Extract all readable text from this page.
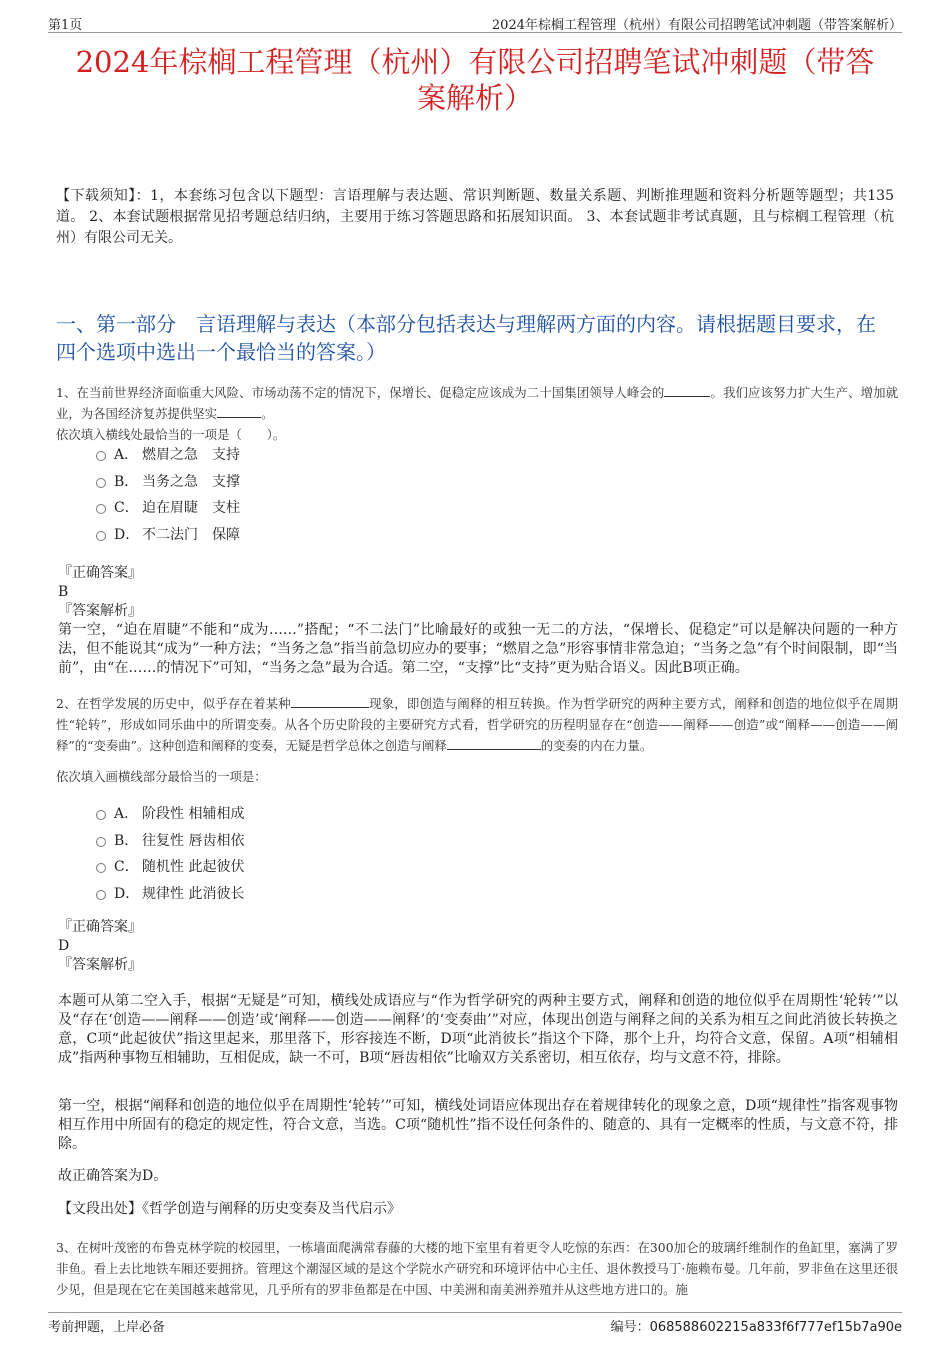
第1页	2024年棕榈工程管理（杭州）有限公司招聘笔试冲刺题（带答案解析）
2024年棕榈工程管理（杭州）有限公司招聘笔试冲刺题（带答
案解析）
【下载须知】：1，本套练习包含以下题型：言语理解与表达题、常识判断题、数量关系题、判断推理题和资料分析题等题型；共135道。 2、本套试题根据常见招考题总结归纳，主要用于练习答题思路和拓展知识面。 3、本套试题非考试真题，且与棕榈工程管理（杭州）有限公司无关。
一、第一部分　言语理解与表达（本部分包括表达与理解两方面的内容。请根据题目要求，在四个选项中选出一个最恰当的答案。）
1、在当前世界经济面临重大风险、市场动荡不定的情况下，保增长、促稳定应该成为二十国集团领导人峰会的	。我们应该努力扩大生产、增加就业，为各国经济复苏提供坚实	。
依次填入横线处最恰当的一项是（　　）。
A． 燃眉之急　支持
B． 当务之急　支撑
C． 迫在眉睫　支柱
D． 不二法门　保障
『正确答案』
B
『答案解析』
第一空，“迫在眉睫”不能和“成为……”搭配；“不二法门”比喻最好的或独一无二的方法，“保增长、促稳定”可以是解决问题的一种方法，但不能说其“成为”一种方法；“当务之急”指当前急切应办的要事；“燃眉之急”形容事情非常急迫；“当务之急”有个时间限制，即“当前”，由“在……的情况下”可知，“当务之急”最为合适。第二空，“支撑”比“支持”更为贴合语义。因此B项正确。
2、在哲学发展的历史中，似乎存在着某种	现象，即创造与阐释的相互转换。作为哲学研究的两种主要方式，阐释和创造的地位似乎在周期性“轮转”，形成如同乐曲中的所谓变奏。从各个历史阶段的主要研究方式看，哲学研究的历程明显存在“创造——阐释——创造”或“阐释——创造——阐释”的“变奏曲”。这种创造和阐释的变奏，无疑是哲学总体之创造与阐释	的变奏的内在力量。
依次填入画横线部分最恰当的一项是：
A． 阶段性 相辅相成
B． 往复性 唇齿相依
C． 随机性 此起彼伏
D． 规律性 此消彼长
『正确答案』
D
『答案解析』
本题可从第二空入手，根据“无疑是”可知，横线处成语应与“作为哲学研究的两种主要方式，阐释和创造的地位似乎在周期性‘轮转’”以及“存在‘创造——阐释——创造’或‘阐释——创造——阐释’的‘变奏曲’”对应，体现出创造与阐释之间的关系为相互之间此消彼长转换之意，C项“此起彼伏”指这里起来，那里落下，形容接连不断，D项“此消彼长”指这个下降，那个上升，均符合文意，保留。A项“相辅相成”指两种事物互相辅助，互相促成，缺一不可，B项“唇齿相依”比喻双方关系密切，相互依存，均与文意不符，排除。
第一空，根据“阐释和创造的地位似乎在周期性‘轮转’”可知，横线处词语应体现出存在着规律转化的现象之意，D项“规律性”指客观事物相互作用中所固有的稳定的规定性，符合文意，当选。C项“随机性”指不设任何条件的、随意的、具有一定概率的性质，与文意不符，排除。
故正确答案为D。
【文段出处】《哲学创造与阐释的历史变奏及当代启示》
3、在树叶茂密的布鲁克林学院的校园里，一栋墙面爬满常春藤的大楼的地下室里有着更令人吃惊的东西：在300加仑的玻璃纤维制作的鱼缸里，塞满了罗非鱼。看上去比地铁车厢还要拥挤。管理这个潮湿区域的是这个学院水产研究和环境评估中心主任、退休教授马丁·施赖布曼。几年前，罗非鱼在这里还很少见，但是现在它在美国越来越常见，几乎所有的罗非鱼都是在中国、中美洲和南美洲养殖并从这些地方进口的。施
考前押题，上岸必备	编号：068588602215a833f6f777ef15b7a90e
